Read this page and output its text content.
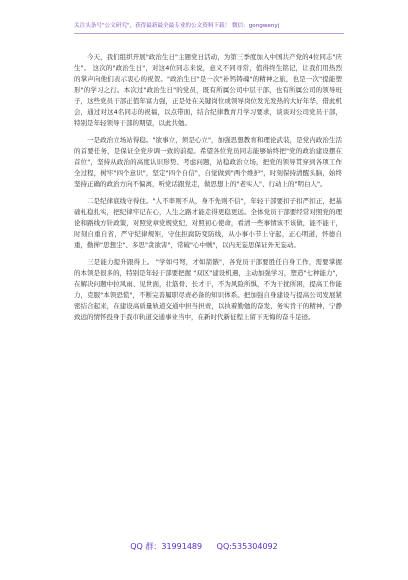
关注头条号"公文研究"，获得最新最全最专业的公文资料下载！ 微信：gongwenyj

今天，我们组织开展"政治生日"主题党日活动，为第三季度加入中国共产党的4位同志"庆生"。 这次的"政治生日"，对这4位同志来说，意义不同寻常，值得终生铭记，让我们用热烈的掌声向他们表示衷心的祝贺。"政治生日"是一次"补钙铸魂"的精神之旅，也是一次"提能塑形"的学习之行。本次过"政治生日"的党员，既有所属公司中层干部，也有所属公司的领导班子，这些党员干部正值年富力强，正是处在关键岗位或领导岗位发光发热的大好年华，借此机会，通过对这4名同志的祝福，以点带面，结合纪律教育月学习要求，谈谈对公司党员干部，特别是年轻领导干部的期望，以此共勉。

一是政治立场站得稳。"欲事立，须是心立"，加强思想教育和理论武装，是党内政治生活的首要任务，是保证全党步调一致的前提。希望各位党员同志能够始终把"党的政治建设摆在首位"，坚持从政治的高度认识形势、考虑问题，站稳政治立场，把党的领导贯穿到各项工作全过程，树牢"四个意识"，坚定"四个自信"，自觉做到"两个维护"，时刻保持清醒头脑，始终坚持正确的政治方向不偏离，听党话跟党走，做思想上的"老实人"、行动上的"明白人"。

二是纪律底线守得住。"人不率则不从，身不先则不信"，年轻干部要扣子扣严扣正，把基础札稳扎实，把纪律牢记在心，人生之路才能走得更稳更远。全体党员干部要经常对照党的理论和路线方针政策，对照党章党规党纪，对照初心使命，看清一些事情该不该做，能不能干，时刻自重自省，严守纪律规矩，守住拒腐防变防线，从小事小节上守起，正心明道，怀德自重，勤掸"思想尘"、多思"贪欲害"，常破"心中贼"，以内无妄思保证外无妄动。

三是能力提升跟得上。 "学如弓弩，才如箭镞"，各党员干部要胜任自身工作，需要掌握的本领是很多的，特别是年轻干部要把握 "双区"建设机遇，主动加强学习，塑造"七种能力"，在解决问题中拉风雨、见世面，壮筋骨、长才干，不为风险所惧，不为干扰所困，提高工作能力，克服"本领恐慌"，不断完善履职尽责必备的知识体系。把加强自身建设与提高公司发展紧密结合起来，在建设高质量轨道交通中担当担责，以执着勤勉的奋发、务实肯干的精神，宁静致远的情怀投身于我市轨道交通事业当中，在新时代新征程上留下无悔的奋斗足迹。

QQ 群：31991489 QQ:535304092
